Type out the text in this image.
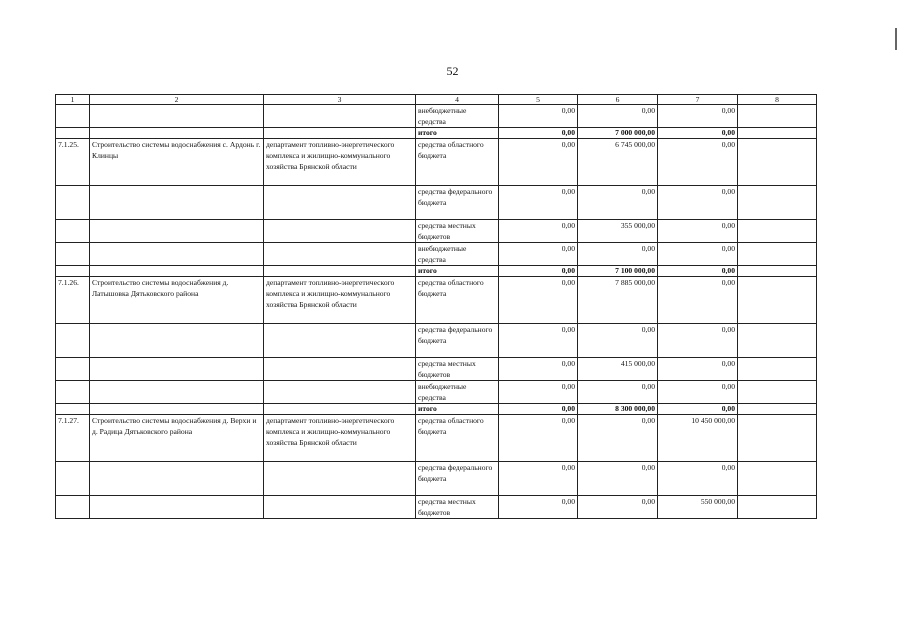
52
1	2	3	4	5	6	7	8
			внебюджетные средства	0,00	0,00	0,00	
			итого	0,00	7 000 000,00	0,00	
7.1.25.	Строительство системы водоснабжения с. Ардонь г. Клинцы	департамент топливно-энергетического комплекса и жилищно-коммунального хозяйства Брянской области	средства областного бюджета	0,00	6 745 000,00	0,00	
			средства федерального бюджета	0,00	0,00	0,00	
			средства местных бюджетов	0,00	355 000,00	0,00	
			внебюджетные средства	0,00	0,00	0,00	
			итого	0,00	7 100 000,00	0,00	
7.1.26.	Строительство системы водоснабжения д. Латышовка Дятьковского района	департамент топливно-энергетического комплекса и жилищно-коммунального хозяйства Брянской области	средства областного бюджета	0,00	7 885 000,00	0,00	
			средства федерального бюджета	0,00	0,00	0,00	
			средства местных бюджетов	0,00	415 000,00	0,00	
			внебюджетные средства	0,00	0,00	0,00	
			итого	0,00	8 300 000,00	0,00	
7.1.27.	Строительство системы водоснабжения д. Верхи и д. Радица Дятьковского района	департамент топливно-энергетического комплекса и жилищно-коммунального хозяйства Брянской области	средства областного бюджета	0,00	0,00	10 450 000,00	
			средства федерального бюджета	0,00	0,00	0,00	
			средства местных бюджетов	0,00	0,00	550 000,00	
